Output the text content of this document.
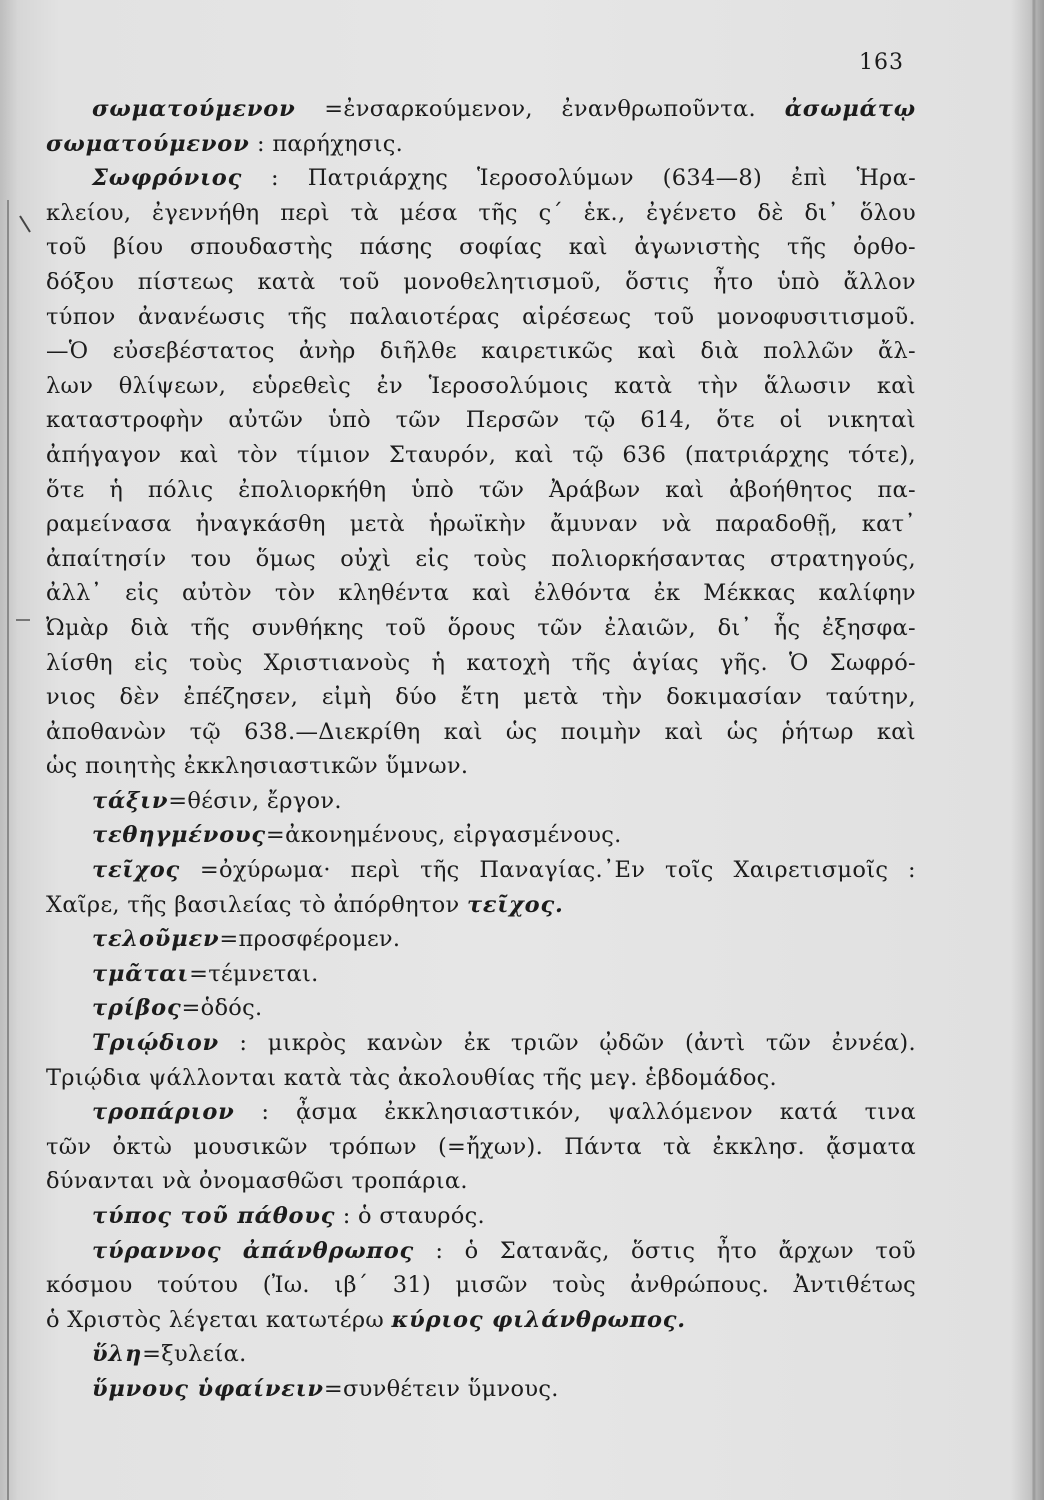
163
σωματούμενον =ἐνσαρκούμενον, ἐνανθρωποῦντα. ἀσωμάτῳ
σωματούμενον : παρήχησις.
Σωφρόνιος : Πατριάρχης Ἱεροσολύμων (634—8) ἐπὶ Ἡρα-
κλείου, ἐγεννήθη περὶ τὰ μέσα τῆς ς΄ ἑκ., ἐγένετο δὲ δι᾽ ὅλου
τοῦ βίου σπουδαστὴς πάσης σοφίας καὶ ἀγωνιστὴς τῆς ὀρθο-
δόξου πίστεως κατὰ τοῦ μονοθελητισμοῦ, ὅστις ἦτο ὑπὸ ἄλλον
τύπον ἀνανέωσις τῆς παλαιοτέρας αἱρέσεως τοῦ μονοφυσιτισμοῦ.
—Ὁ εὐσεβέστατος ἀνὴρ διῆλθε καιρετικῶς καὶ διὰ πολλῶν ἄλ-
λων θλίψεων, εὑρεθεὶς ἐν Ἱεροσολύμοις κατὰ τὴν ἅλωσιν καὶ
καταστροφὴν αὐτῶν ὑπὸ τῶν Περσῶν τῷ 614, ὅτε οἱ νικηταὶ
ἀπήγαγον καὶ τὸν τίμιον Σταυρόν, καὶ τῷ 636 (πατριάρχης τότε),
ὅτε ἡ πόλις ἐπολιορκήθη ὑπὸ τῶν Ἀράβων καὶ ἀβοήθητος πα-
ραμείνασα ἠναγκάσθη μετὰ ἡρωϊκὴν ἄμυναν νὰ παραδοθῇ, κατ᾽
ἀπαίτησίν του ὅμως οὐχὶ εἰς τοὺς πολιορκήσαντας στρατηγούς,
ἀλλ᾽ εἰς αὐτὸν τὸν κληθέντα καὶ ἐλθόντα ἐκ Μέκκας καλίφην
Ὠμὰρ διὰ τῆς συνθήκης τοῦ ὅρους τῶν ἐλαιῶν, δι᾽ ἧς ἐξησφα-
λίσθη εἰς τοὺς Χριστιανοὺς ἡ κατοχὴ τῆς ἁγίας γῆς. Ὁ Σωφρό-
νιος δὲν ἐπέζησεν, εἰμὴ δύο ἔτη μετὰ τὴν δοκιμασίαν ταύτην,
ἀποθανὼν τῷ 638.—Διεκρίθη καὶ ὡς ποιμὴν καὶ ὡς ῥήτωρ καὶ
ὡς ποιητὴς ἐκκλησιαστικῶν ὕμνων.
τάξιν=θέσιν, ἔργον.
τεθηγμένους=ἀκονημένους, εἰργασμένους.
τεῖχος =ὀχύρωμα· περὶ τῆς Παναγίας.᾽Εν τοῖς Χαιρετισμοῖς :
Χαῖρε, τῆς βασιλείας τὸ ἀπόρθητον τεῖχος.
τελοῦμεν=προσφέρομεν.
τμᾶται=τέμνεται.
τρίβος=ὁδός.
Τριῴδιον : μικρὸς κανὼν ἐκ τριῶν ᾠδῶν (ἀντὶ τῶν ἐννέα).
Τριῴδια ψάλλονται κατὰ τὰς ἀκολουθίας τῆς μεγ. ἑβδομάδος.
τροπάριον : ᾆσμα ἐκκλησιαστικόν, ψαλλόμενον κατά τινα
τῶν ὀκτὼ μουσικῶν τρόπων (=ἤχων). Πάντα τὰ ἐκκλησ. ᾄσματα
δύνανται νὰ ὀνομασθῶσι τροπάρια.
τύπος τοῦ πάθους : ὁ σταυρός.
τύραννος ἀπάνθρωπος : ὁ Σατανᾶς, ὅστις ἦτο ἄρχων τοῦ
κόσμου τούτου (Ἰω. ιβ΄ 31) μισῶν τοὺς ἀνθρώπους. Ἀντιθέτως
ὁ Χριστὸς λέγεται κατωτέρω κύριος φιλάνθρωπος.
ὕλη=ξυλεία.
ὕμνους ὑφαίνειν=συνθέτειν ὕμνους.
